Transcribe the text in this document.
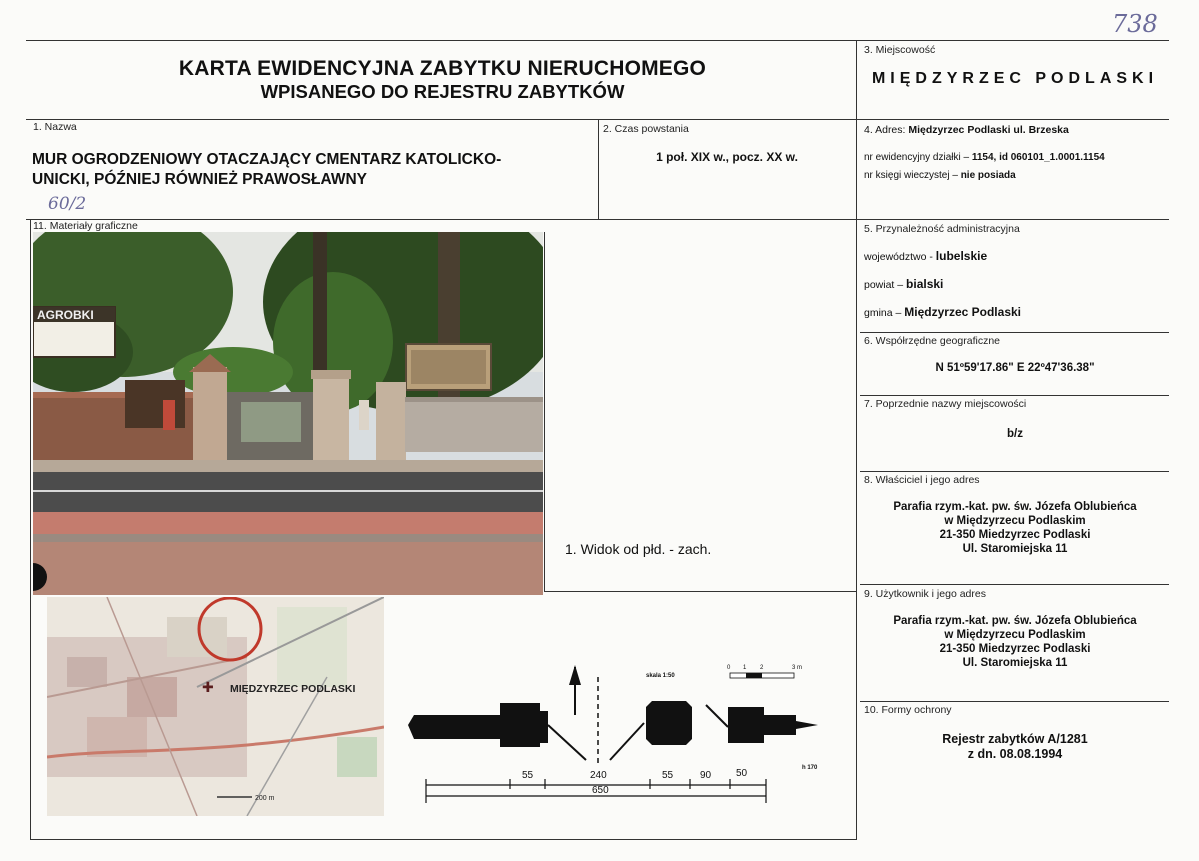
KARTA EWIDENCYJNA ZABYTKU NIERUCHOMEGO
WPISANEGO DO REJESTRU ZABYTKÓW
738
3. Miejscowość
MIĘDZYRZEC PODLASKI
1. Nazwa
MUR OGRODZENIOWY OTACZAJĄCY CMENTARZ KATOLICKO-
UNICKI, PÓŹNIEJ RÓWNIEŻ PRAWOSŁAWNY
60/2
2. Czas powstania
1 poł. XIX w., pocz. XX w.
4. Adres: Międzyrzec Podlaski ul. Brzeska
nr ewidencyjny działki – 1154, id 060101_1.0001.1154
nr księgi wieczystej – nie posiada
5. Przynależność administracyjna
województwo - lubelskie
powiat – bialski
gmina – Międzyrzec Podlaski
6. Współrzędne geograficzne
N 51º59'17.86" E 22º47'36.38"
7. Poprzednie nazwy miejscowości
b/z
8. Właściciel i jego adres
Parafia rzym.-kat. pw. św. Józefa Oblubieńca
w Międzyrzecu Podlaskim
21-350 Miedzyrzec Podlaski
Ul. Staromiejska 11
9. Użytkownik i jego adres
Parafia rzym.-kat. pw. św. Józefa Oblubieńca
w Międzyrzecu Podlaskim
21-350 Miedzyrzec Podlaski
Ul. Staromiejska 11
10. Formy ochrony
Rejestr zabytków A/1281
z dn. 08.08.1994
11. Materiały graficzne
AGROBKI
1. Widok od płd. - zach.
✚ MIĘDZYRZEC PODLASKI
200 m
skala 1:50
0 1 2	3 m
h 170
55	240	55	90 50
650
